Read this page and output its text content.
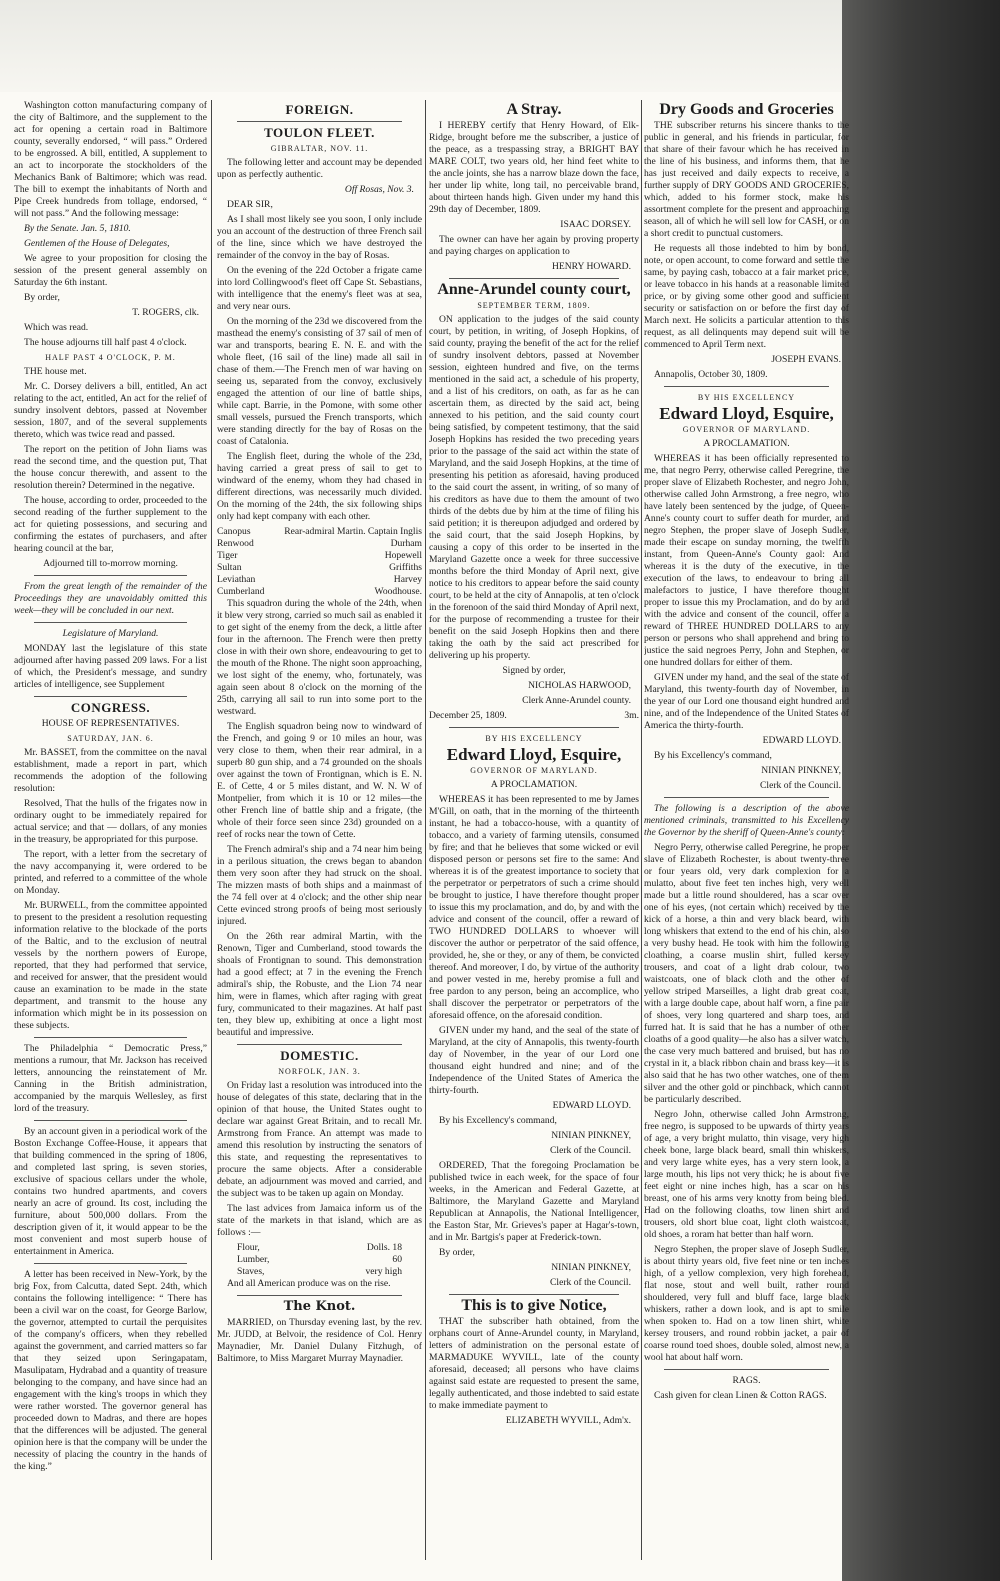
Washington cotton manufacturing company of the city of Baltimore, and the supplement to the act for opening a certain road in Baltimore county, severally endorsed, “ will pass.” Ordered to be engrossed. A bill, entitled, A supplement to an act to incorporate the stockholders of the Mechanics Bank of Baltimore; which was read. The bill to exempt the inhabitants of North and Pipe Creek hundreds from tollage, endorsed, “ will not pass.” And the following message:

By the Senate. Jan. 5, 1810.

Gentlemen of the House of Delegates,

We agree to your proposition for closing the session of the present general assembly on Saturday the 6th instant.

By order,

T. ROGERS, clk.

Which was read.

The house adjourns till half past 4 o'clock.

HALF PAST 4 O'CLOCK, P. M.

THE house met.

Mr. C. Dorsey delivers a bill, entitled, An act relating to the act, entitled, An act for the relief of sundry insolvent debtors, passed at November session, 1807, and of the several supplements thereto, which was twice read and passed.

The report on the petition of John Iiams was read the second time, and the question put, That the house concur therewith, and assent to the resolution therein? Determined in the negative.

The house, according to order, proceeded to the second reading of the further supplement to the act for quieting possessions, and securing and confirming the estates of purchasers, and after hearing council at the bar,

Adjourned till to-morrow morning.

From the great length of the remainder of the Proceedings they are unavoidably omitted this week—they will be concluded in our next.

Legislature of Maryland.

MONDAY last the legislature of this state adjourned after having passed 209 laws. For a list of which, the President's message, and sundry articles of intelligence, see Supplement

CONGRESS.

HOUSE OF REPRESENTATIVES.

SATURDAY, JAN. 6.

Mr. BASSET, from the committee on the naval establishment, made a report in part, which recommends the adoption of the following resolution:

Resolved, That the hulls of the frigates now in ordinary ought to be immediately repaired for actual service; and that — dollars, of any monies in the treasury, be appropriated for this purpose.

The report, with a letter from the secretary of the navy accompanying it, were ordered to be printed, and referred to a committee of the whole on Monday.

Mr. BURWELL, from the committee appointed to present to the president a resolution requesting information relative to the blockade of the ports of the Baltic, and to the exclusion of neutral vessels by the northern powers of Europe, reported, that they had performed that service, and received for answer, that the president would cause an examination to be made in the state department, and transmit to the house any information which might be in its possession on these subjects.

The Philadelphia “ Democratic Press,” mentions a rumour, that Mr. Jackson has received letters, announcing the reinstatement of Mr. Canning in the British administration, accompanied by the marquis Wellesley, as first lord of the treasury.

By an account given in a periodical work of the Boston Exchange Coffee-House, it appears that that building commenced in the spring of 1806, and completed last spring, is seven stories, exclusive of spacious cellars under the whole, contains two hundred apartments, and covers nearly an acre of ground. Its cost, including the furniture, about 500,000 dollars. From the description given of it, it would appear to be the most convenient and most superb house of entertainment in America.

A letter has been received in New-York, by the brig Fox, from Calcutta, dated Sept. 24th, which contains the following intelligence: “ There has been a civil war on the coast, for George Barlow, the governor, attempted to curtail the perquisites of the company's officers, when they rebelled against the government, and carried matters so far that they seized upon Seringapatam, Masulipatam, Hydrabad and a quantity of treasure belonging to the company, and have since had an engagement with the king's troops in which they were rather worsted. The governor general has proceeded down to Madras, and there are hopes that the differences will be adjusted. The general opinion here is that the company will be under the necessity of placing the country in the hands of the king.”

FOREIGN.

TOULON FLEET.

GIBRALTAR, NOV. 11.

The following letter and account may be depended upon as perfectly authentic.

Off Rosas, Nov. 3.

DEAR SIR,

As I shall most likely see you soon, I only include you an account of the destruction of three French sail of the line, since which we have destroyed the remainder of the convoy in the bay of Rosas.

On the evening of the 22d October a frigate came into lord Collingwood's fleet off Cape St. Sebastians, with intelligence that the enemy's fleet was at sea, and very near ours.

On the morning of the 23d we discovered from the masthead the enemy's consisting of 37 sail of men of war and transports, bearing E. N. E. and with the whole fleet, (16 sail of the line) made all sail in chase of them.—The French men of war having on seeing us, separated from the convoy, exclusively engaged the attention of our line of battle ships, while capt. Barrie, in the Pomone, with some other small vessels, pursued the French transports, which were standing directly for the bay of Rosas on the coast of Catalonia.

The English fleet, during the whole of the 23d, having carried a great press of sail to get to windward of the enemy, whom they had chased in different directions, was necessarily much divided. On the morning of the 24th, the six following ships only had kept company with each other.

Canopus	Rear-admiral Martin. Captain Inglis
Renwood	Durham
Tiger	Hopewell
Sultan	Griffiths
Leviathan	Harvey
Cumberland	Woodhouse.

This squadron during the whole of the 24th, when it blew very strong, carried so much sail as enabled it to get sight of the enemy from the deck, a little after four in the afternoon. The French were then pretty close in with their own shore, endeavouring to get to the mouth of the Rhone. The night soon approaching, we lost sight of the enemy, who, fortunately, was again seen about 8 o'clock on the morning of the 25th, carrying all sail to run into some port to the westward.

The English squadron being now to windward of the French, and going 9 or 10 miles an hour, was very close to them, when their rear admiral, in a superb 80 gun ship, and a 74 grounded on the shoals over against the town of Frontignan, which is E. N. E. of Cette, 4 or 5 miles distant, and W. N. W of Montpelier, from which it is 10 or 12 miles—the other French line of battle ship and a frigate, (the whole of their force seen since 23d) grounded on a reef of rocks near the town of Cette.

The French admiral's ship and a 74 near him being in a perilous situation, the crews began to abandon them very soon after they had struck on the shoal. The mizzen masts of both ships and a mainmast of the 74 fell over at 4 o'clock; and the other ship near Cette evinced strong proofs of being most seriously injured.

On the 26th rear admiral Martin, with the Renown, Tiger and Cumberland, stood towards the shoals of Frontignan to sound. This demonstration had a good effect; at 7 in the evening the French admiral's ship, the Robuste, and the Lion 74 near him, were in flames, which after raging with great fury, communicated to their magazines. At half past ten, they blew up, exhibiting at once a light most beautiful and impressive.

DOMESTIC.

NORFOLK, JAN. 3.

On Friday last a resolution was introduced into the house of delegates of this state, declaring that in the opinion of that house, the United States ought to declare war against Great Britain, and to recall Mr. Armstrong from France. An attempt was made to amend this resolution by instructing the senators of this state, and requesting the representatives to procure the same objects. After a considerable debate, an adjournment was moved and carried, and the subject was to be taken up again on Monday.

The last advices from Jamaica inform us of the state of the markets in that island, which are as follows :—

Flour,	Dolls. 18
Lumber,	60
Staves,	very high

And all American produce was on the rise.

The Knot.

MARRIED, on Thursday evening last, by the rev. Mr. JUDD, at Belvoir, the residence of Col. Henry Maynadier, Mr. Daniel Dulany Fitzhugh, of Baltimore, to Miss Margaret Murray Maynadier.

A Stray.

I HEREBY certify that Henry Howard, of Elk-Ridge, brought before me the subscriber, a justice of the peace, as a trespassing stray, a BRIGHT BAY MARE COLT, two years old, her hind feet white to the ancle joints, she has a narrow blaze down the face, her under lip white, long tail, no perceivable brand, about thirteen hands high. Given under my hand this 29th day of December, 1809.

ISAAC DORSEY.

The owner can have her again by proving property and paying charges on application to

HENRY HOWARD.

Anne-Arundel county court,

SEPTEMBER TERM, 1809.

ON application to the judges of the said county court, by petition, in writing, of Joseph Hopkins, of said county, praying the benefit of the act for the relief of sundry insolvent debtors, passed at November session, eighteen hundred and five, on the terms mentioned in the said act, a schedule of his property, and a list of his creditors, on oath, as far as he can ascertain them, as directed by the said act, being annexed to his petition, and the said county court being satisfied, by competent testimony, that the said Joseph Hopkins has resided the two preceding years prior to the passage of the said act within the state of Maryland, and the said Joseph Hopkins, at the time of presenting his petition as aforesaid, having produced to the said court the assent, in writing, of so many of his creditors as have due to them the amount of two thirds of the debts due by him at the time of filing his said petition; it is thereupon adjudged and ordered by the said court, that the said Joseph Hopkins, by causing a copy of this order to be inserted in the Maryland Gazette once a week for three successive months before the third Monday of April next, give notice to his creditors to appear before the said county court, to be held at the city of Annapolis, at ten o'clock in the forenoon of the said third Monday of April next, for the purpose of recommending a trustee for their benefit on the said Joseph Hopkins then and there taking the oath by the said act prescribed for delivering up his property.

Signed by order,

NICHOLAS HARWOOD,

Clerk Anne-Arundel county.

December 25, 1809.	3m.

BY HIS EXCELLENCY

Edward Lloyd, Esquire,

GOVERNOR OF MARYLAND.

A PROCLAMATION.

WHEREAS it has been represented to me by James M'Gill, on oath, that in the morning of the thirteenth instant, he had a tobacco-house, with a quantity of tobacco, and a variety of farming utensils, consumed by fire; and that he believes that some wicked or evil disposed person or persons set fire to the same: And whereas it is of the greatest importance to society that the perpetrator or perpetrators of such a crime should be brought to justice, I have therefore thought proper to issue this my proclamation, and do, by and with the advice and consent of the council, offer a reward of TWO HUNDRED DOLLARS to whoever will discover the author or perpetrator of the said offence, provided, he, she or they, or any of them, be convicted thereof. And moreover, I do, by virtue of the authority and power vested in me, hereby promise a full and free pardon to any person, being an accomplice, who shall discover the perpetrator or perpetrators of the aforesaid offence, on the aforesaid condition.

GIVEN under my hand, and the seal of the state of Maryland, at the city of Annapolis, this twenty-fourth day of November, in the year of our Lord one thousand eight hundred and nine; and of the Independence of the United States of America the thirty-fourth.

EDWARD LLOYD.

By his Excellency's command,

NINIAN PINKNEY,

Clerk of the Council.

ORDERED, That the foregoing Proclamation be published twice in each week, for the space of four weeks, in the American and Federal Gazette, at Baltimore, the Maryland Gazette and Maryland Republican at Annapolis, the National Intelligencer, the Easton Star, Mr. Grieves's paper at Hagar's-town, and in Mr. Bartgis's paper at Frederick-town.

By order,

NINIAN PINKNEY,

Clerk of the Council.

This is to give Notice,

THAT the subscriber hath obtained, from the orphans court of Anne-Arundel county, in Maryland, letters of administration on the personal estate of MARMADUKE WYVILL, late of the county aforesaid, deceased; all persons who have claims against said estate are requested to present the same, legally authenticated, and those indebted to said estate to make immediate payment to

ELIZABETH WYVILL, Adm'x.

Dry Goods and Groceries

THE subscriber returns his sincere thanks to the public in general, and his friends in particular, for that share of their favour which he has received in the line of his business, and informs them, that he has just received and daily expects to receive, a further supply of DRY GOODS AND GROCERIES, which, added to his former stock, make his assortment complete for the present and approaching season, all of which he will sell low for CASH, or on a short credit to punctual customers.

He requests all those indebted to him by bond, note, or open account, to come forward and settle the same, by paying cash, tobacco at a fair market price, or leave tobacco in his hands at a reasonable limited price, or by giving some other good and sufficient security or satisfaction on or before the first day of March next. He solicits a particular attention to this request, as all delinquents may depend suit will be commenced to April Term next.

JOSEPH EVANS.

Annapolis, October 30, 1809.

BY HIS EXCELLENCY

Edward Lloyd, Esquire,

GOVERNOR OF MARYLAND.

A PROCLAMATION.

WHEREAS it has been officially represented to me, that negro Perry, otherwise called Peregrine, the proper slave of Elizabeth Rochester, and negro John, otherwise called John Armstrong, a free negro, who have lately been sentenced by the judge, of Queen-Anne's county court to suffer death for murder, and negro Stephen, the proper slave of Joseph Sudler, made their escape on sunday morning, the twelfth instant, from Queen-Anne's County gaol: And whereas it is the duty of the executive, in the execution of the laws, to endeavour to bring all malefactors to justice, I have therefore thought proper to issue this my Proclamation, and do by and with the advice and consent of the council, offer a reward of THREE HUNDRED DOLLARS to any person or persons who shall apprehend and bring to justice the said negroes Perry, John and Stephen, or one hundred dollars for either of them.

GIVEN under my hand, and the seal of the state of Maryland, this twenty-fourth day of November, in the year of our Lord one thousand eight hundred and nine, and of the Independence of the United States of America the thirty-fourth.

EDWARD LLOYD.

By his Excellency's command,

NINIAN PINKNEY,

Clerk of the Council.

The following is a description of the above mentioned criminals, transmitted to his Excellency the Governor by the sheriff of Queen-Anne's county:

Negro Perry, otherwise called Peregrine, he proper slave of Elizabeth Rochester, is about twenty-three or four years old, very dark complexion for a mulatto, about five feet ten inches high, very well made but a little round shouldered, has a scar over one of his eyes, (not certain which) received by the kick of a horse, a thin and very black beard, with long whiskers that extend to the end of his chin, also a very bushy head. He took with him the following cloathing, a coarse muslin shirt, fulled kersey trousers, and coat of a light drab colour, two waistcoats, one of black cloth and the other of yellow striped Marseilles, a light drab great coat, with a large double cape, about half worn, a fine pair of shoes, very long quartered and sharp toes, and furred hat. It is said that he has a number of other cloaths of a good quality—he also has a silver watch, the case very much battered and bruised, but has no crystal in it, a black ribbon chain and brass key—it is also said that he has two other watches, one of them silver and the other gold or pinchback, which cannot be particularly described.

Negro John, otherwise called John Armstrong, free negro, is supposed to be upwards of thirty years of age, a very bright mulatto, thin visage, very high cheek bone, large black beard, small thin whiskers, and very large white eyes, has a very stern look, a large mouth, his lips not very thick; he is about five feet eight or nine inches high, has a scar on his breast, one of his arms very knotty from being bled. Had on the following cloaths, tow linen shirt and trousers, old short blue coat, light cloth waistcoat, old shoes, a roram hat better than half worn.

Negro Stephen, the proper slave of Joseph Sudler, is about thirty years old, five feet nine or ten inches high, of a yellow complexion, very high forehead, flat nose, stout and well built, rather round shouldered, very full and bluff face, large black whiskers, rather a down look, and is apt to smile when spoken to. Had on a tow linen shirt, white kersey trousers, and round robbin jacket, a pair of coarse round toed shoes, double soled, almost new, a wool hat about half worn.

RAGS.

Cash given for clean Linen & Cotton RAGS.
